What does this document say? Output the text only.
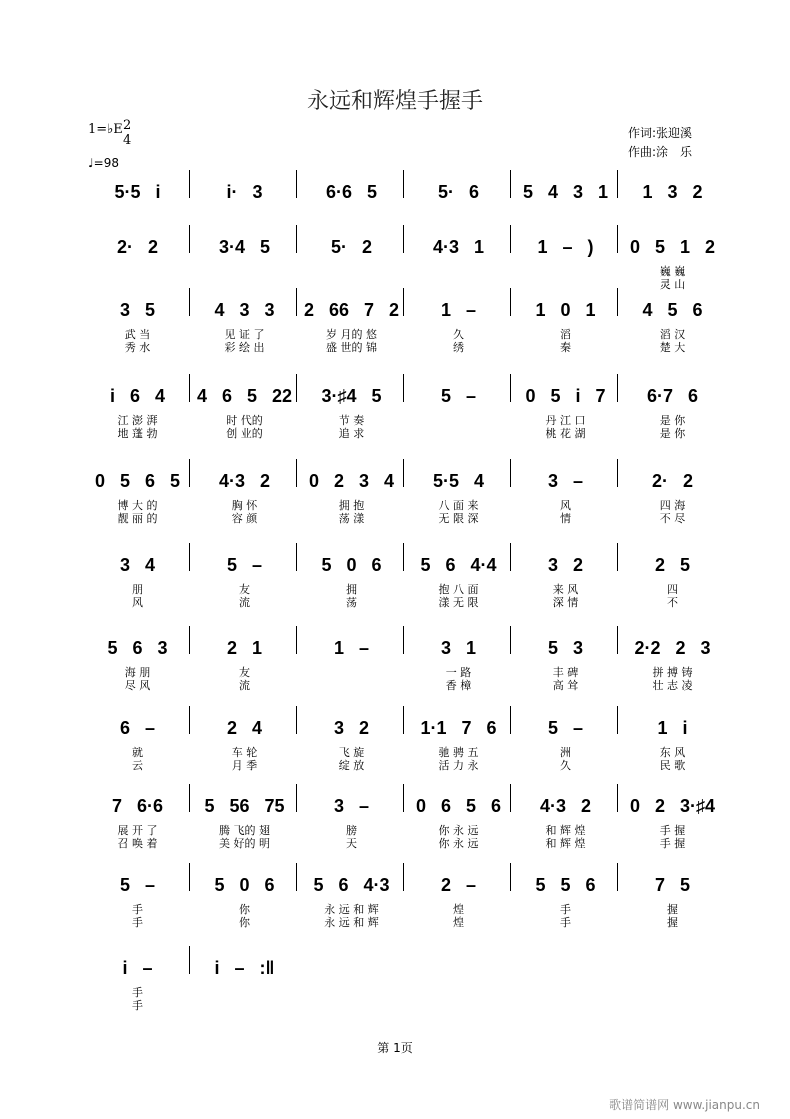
永远和辉煌手握手
1=♭E 2
4
♩=98
作词:张迎溪
作曲:涂　乐
5·5 i	i· 3	6·6 5	5· 6 5 4 3 1 1 3 2
2· 2	3·4 5	5· 2	4·3 1	1 – ) 0 5 1 2
巍 巍
灵 山
3 5
武 当
秀 水
4 3 3
见 证 了
彩 绘 出
2 66 7 2
岁 月的 悠
盛 世的 锦
1 –
久
绣
1 0 1
滔
秦
4 5 6
滔 汉
楚 大
i 6 4
江 澎 湃
地 蓬 勃
4 6 5 22
时 代的
创 业的
3·♯4 5
节 奏
追 求
5 –	0 5 i 7
丹 江 口
桃 花 湖
6·7 6
是 你
是 你
0 5 6 5
博 大 的
靓 丽 的
4·3 2
胸 怀
容 颜
0 2 3 4
拥 抱
荡 漾
5·5 4
八 面 来
无 限 深
3 –
风
情
2· 2
四 海
不 尽
3 4
朋
风
5 –
友
流
5 0 6
拥
荡
5 6 4·4
抱 八 面
漾 无 限
3 2
来 风
深 情
2 5
四
不
5 6 3
海 朋
尽 风
2 1
友
流
1 –	3 1
一 路
香 樟
5 3
丰 碑
高 耸
2·2 2 3
拼 搏 铸
壮 志 凌
6 –
就
云
2 4
车 轮
月 季
3 2
飞 旋
绽 放
1·1 7 6
驰 骋 五
活 力 永
5 –
洲
久
1 i
东 风
民 歌
7 6·6
展 开 了
召 唤 着
5 56 75
腾 飞的 翅
美 好的 明
3 –
膀
天
0 6 5 6
你 永 远
你 永 远
4·3 2
和 辉 煌
和 辉 煌
0 2 3·♯4
手 握
手 握
5 –
手
手
5 0 6
你
你
5 6 4·3
永 远 和 辉
永 远 和 辉
2 –
煌
煌
5 5 6
手
手
7 5
握
握
i –
手
手
i – :‖
第 1页
歌谱简谱网 www.jianpu.cn
